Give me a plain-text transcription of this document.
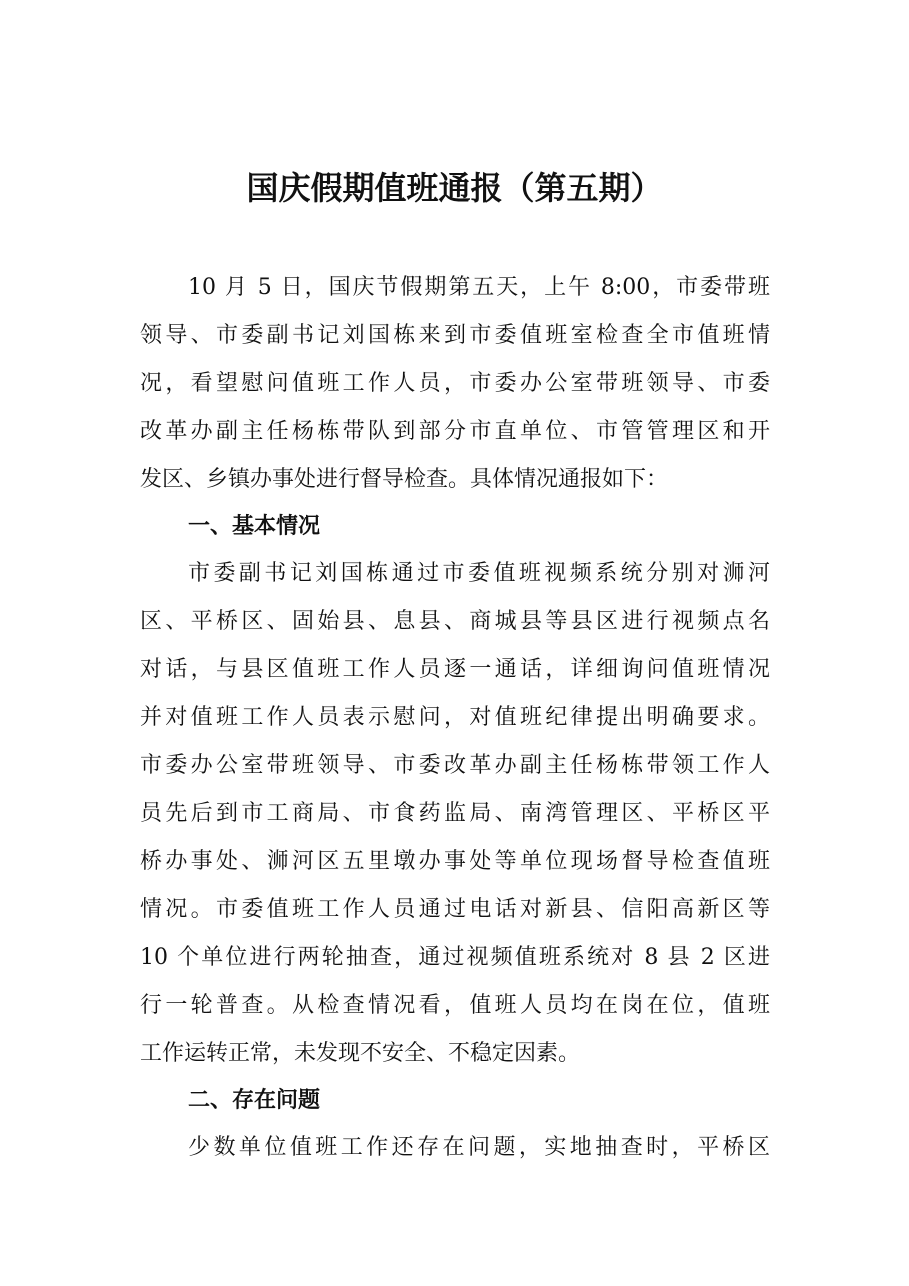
国庆假期值班通报（第五期）
10 月 5 日，国庆节假期第五天，上午 8:00，市委带班
领导、市委副书记刘国栋来到市委值班室检查全市值班情
况，看望慰问值班工作人员，市委办公室带班领导、市委
改革办副主任杨栋带队到部分市直单位、市管管理区和开
发区、乡镇办事处进行督导检查。具体情况通报如下：
一、基本情况
市委副书记刘国栋通过市委值班视频系统分别对浉河
区、平桥区、固始县、息县、商城县等县区进行视频点名
对话，与县区值班工作人员逐一通话，详细询问值班情况
并对值班工作人员表示慰问，对值班纪律提出明确要求。
市委办公室带班领导、市委改革办副主任杨栋带领工作人
员先后到市工商局、市食药监局、南湾管理区、平桥区平
桥办事处、浉河区五里墩办事处等单位现场督导检查值班
情况。市委值班工作人员通过电话对新县、信阳高新区等
10 个单位进行两轮抽查，通过视频值班系统对 8 县 2 区进
行一轮普查。从检查情况看，值班人员均在岗在位，值班
工作运转正常，未发现不安全、不稳定因素。
二、存在问题
少数单位值班工作还存在问题，实地抽查时，平桥区
